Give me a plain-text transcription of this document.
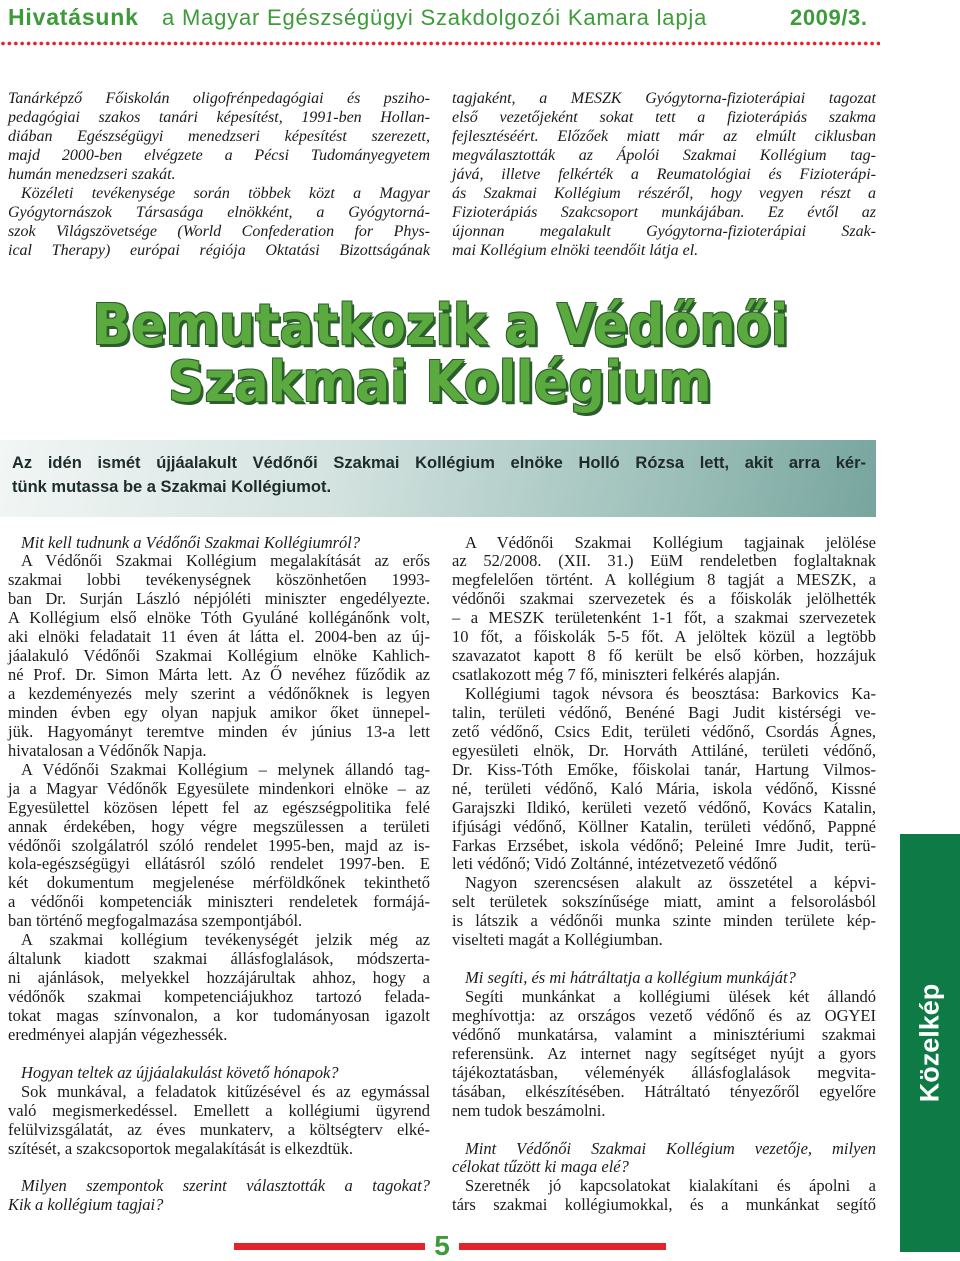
Hivatásunk a Magyar Egészségügyi Szakdolgozói Kamara lapja	2009/3.
Tanárképző Főiskolán oligofrénpedagógiai és psziho-
pedagógiai szakos tanári képesítést, 1991-ben Hollan-
diában Egészségügyi menedzseri képesítést szerezett,
majd 2000-ben elvégzete a Pécsi Tudományegyetem
humán menedzseri szakát.
Közéleti tevékenysége során többek közt a Magyar
Gyógytornászok Társasága elnökként, a Gyógytorná-
szok Világszövetsége (World Confederation for Phys-
ical Therapy) európai régiója Oktatási Bizottságának
tagjaként, a MESZK Gyógytorna-fizioterápiai tagozat
első vezetőjeként sokat tett a fizioterápiás szakma
fejlesztéséért. Előzőek miatt már az elmúlt ciklusban
megválasztották az Ápolói Szakmai Kollégium tag-
jává, illetve felkérték a Reumatológiai és Fizioterápi-
ás Szakmai Kollégium részéről, hogy vegyen részt a
Fizioterápiás Szakcsoport munkájában. Ez évtől az
újonnan megalakult Gyógytorna-fizioterápiai Szak-
mai Kollégium elnöki teendőit látja el.
Bemutatkozik a Védőnői
Szakmai Kollégium
Az idén ismét újjáalakult Védőnői Szakmai Kollégium elnöke Holló Rózsa lett, akit arra kér-
tünk mutassa be a Szakmai Kollégiumot.
Mit kell tudnunk a Védőnői Szakmai Kollégiumról?
A Védőnői Szakmai Kollégium megalakítását az erős
szakmai lobbi tevékenységnek köszönhetően 1993-
ban Dr. Surján László népjóléti miniszter engedélyezte.
A Kollégium első elnöke Tóth Gyuláné kollégánőnk volt,
aki elnöki feladatait 11 éven át látta el. 2004-ben az új-
jáalakuló Védőnői Szakmai Kollégium elnöke Kahlich-
né Prof. Dr. Simon Márta lett. Az Ő nevéhez fűződik az
a kezdeményezés mely szerint a védőnőknek is legyen
minden évben egy olyan napjuk amikor őket ünnepel-
jük. Hagyományt teremtve minden év június 13-a lett
hivatalosan a Védőnők Napja.
A Védőnői Szakmai Kollégium – melynek állandó tag-
ja a Magyar Védőnők Egyesülete mindenkori elnöke – az
Egyesülettel közösen lépett fel az egészségpolitika felé
annak érdekében, hogy végre megszülessen a területi
védőnői szolgálatról szóló rendelet 1995-ben, majd az is-
kola-egészségügyi ellátásról szóló rendelet 1997-ben. E
két dokumentum megjelenése mérföldkőnek tekinthető
a védőnői kompetenciák miniszteri rendeletek formájá-
ban történő megfogalmazása szempontjából.
A szakmai kollégium tevékenységét jelzik még az
általunk kiadott szakmai állásfoglalások, módszerta-
ni ajánlások, melyekkel hozzájárultak ahhoz, hogy a
védőnők szakmai kompetenciájukhoz tartozó felada-
tokat magas színvonalon, a kor tudományosan igazolt
eredményei alapján végezhessék.
Hogyan teltek az újjáalakulást követő hónapok?
Sok munkával, a feladatok kitűzésével és az egymással
való megismerkedéssel. Emellett a kollégiumi ügyrend
felülvizsgálatát, az éves munkaterv, a költségterv elké-
szítését, a szakcsoportok megalakítását is elkezdtük.
Milyen szempontok szerint választották a tagokat?
Kik a kollégium tagjai?
A Védőnői Szakmai Kollégium tagjainak jelölése
az 52/2008. (XII. 31.) EüM rendeletben foglaltaknak
megfelelően történt. A kollégium 8 tagját a MESZK, a
védőnői szakmai szervezetek és a főiskolák jelölhették
– a MESZK területenként 1-1 főt, a szakmai szervezetek
10 főt, a főiskolák 5-5 főt. A jelöltek közül a legtöbb
szavazatot kapott 8 fő került be első körben, hozzájuk
csatlakozott még 7 fő, miniszteri felkérés alapján.
Kollégiumi tagok névsora és beosztása: Barkovics Ka-
talin, területi védőnő, Benéné Bagi Judit kistérségi ve-
zető védőnő, Csics Edit, területi védőnő, Csordás Ágnes,
egyesületi elnök, Dr. Horváth Attiláné, területi védőnő,
Dr. Kiss-Tóth Emőke, főiskolai tanár, Hartung Vilmos-
né, területi védőnő, Kaló Mária, iskola védőnő, Kissné
Garajszki Ildikó, kerületi vezető védőnő, Kovács Katalin,
ifjúsági védőnő, Köllner Katalin, területi védőnő, Pappné
Farkas Erzsébet, iskola védőnő; Peleiné Imre Judit, terü-
leti védőnő; Vidó Zoltánné, intézetvezető védőnő
Nagyon szerencsésen alakult az összetétel a képvi-
selt területek sokszínűsége miatt, amint a felsorolásból
is látszik a védőnői munka szinte minden területe kép-
viselteti magát a Kollégiumban.
Mi segíti, és mi hátráltatja a kollégium munkáját?
Segíti munkánkat a kollégiumi ülések két állandó
meghívottja: az országos vezető védőnő és az OGYEI
védőnő munkatársa, valamint a minisztériumi szakmai
referensünk. Az internet nagy segítséget nyújt a gyors
tájékoztatásban, véleményék állásfoglalások megvita-
tásában, elkészítésében. Hátráltató tényezőről egyelőre
nem tudok beszámolni.
Mint Védőnői Szakmai Kollégium vezetője, milyen
célokat tűzött ki maga elé?
Szeretnék jó kapcsolatokat kialakítani és ápolni a
társ szakmai kollégiumokkal, és a munkánkat segítő
Közelkép
5
